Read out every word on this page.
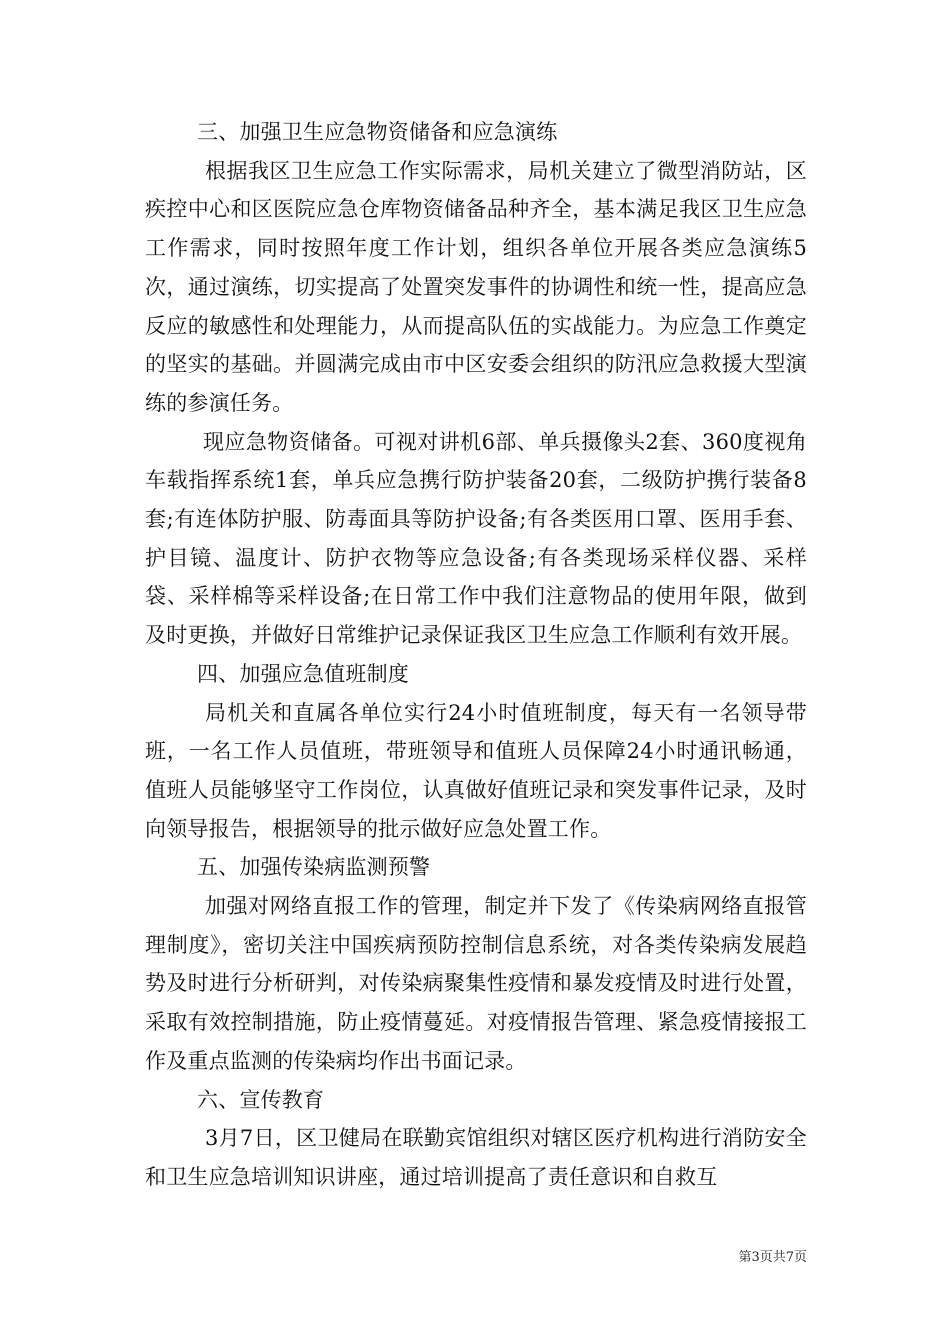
三、加强卫生应急物资储备和应急演练

根据我区卫生应急工作实际需求，局机关建立了微型消防站，区疾控中心和区医院应急仓库物资储备品种齐全，基本满足我区卫生应急工作需求，同时按照年度工作计划，组织各单位开展各类应急演练5次，通过演练，切实提高了处置突发事件的协调性和统一性，提高应急反应的敏感性和处理能力，从而提高队伍的实战能力。为应急工作奠定的坚实的基础。并圆满完成由市中区安委会组织的防汛应急救援大型演练的参演任务。

现应急物资储备。可视对讲机6部、单兵摄像头2套、360度视角车载指挥系统1套，单兵应急携行防护装备20套，二级防护携行装备8套;有连体防护服、防毒面具等防护设备;有各类医用口罩、医用手套、护目镜、温度计、防护衣物等应急设备;有各类现场采样仪器、采样袋、采样棉等采样设备;在日常工作中我们注意物品的使用年限，做到及时更换，并做好日常维护记录保证我区卫生应急工作顺利有效开展。

四、加强应急值班制度

局机关和直属各单位实行24小时值班制度，每天有一名领导带班，一名工作人员值班，带班领导和值班人员保障24小时通讯畅通，值班人员能够坚守工作岗位，认真做好值班记录和突发事件记录，及时向领导报告，根据领导的批示做好应急处置工作。

五、加强传染病监测预警

加强对网络直报工作的管理，制定并下发了《传染病网络直报管理制度》，密切关注中国疾病预防控制信息系统，对各类传染病发展趋势及时进行分析研判，对传染病聚集性疫情和暴发疫情及时进行处置，采取有效控制措施，防止疫情蔓延。对疫情报告管理、紧急疫情接报工作及重点监测的传染病均作出书面记录。

六、宣传教育

3月7日，区卫健局在联勤宾馆组织对辖区医疗机构进行消防安全和卫生应急培训知识讲座，通过培训提高了责任意识和自救互

第3页共7页
